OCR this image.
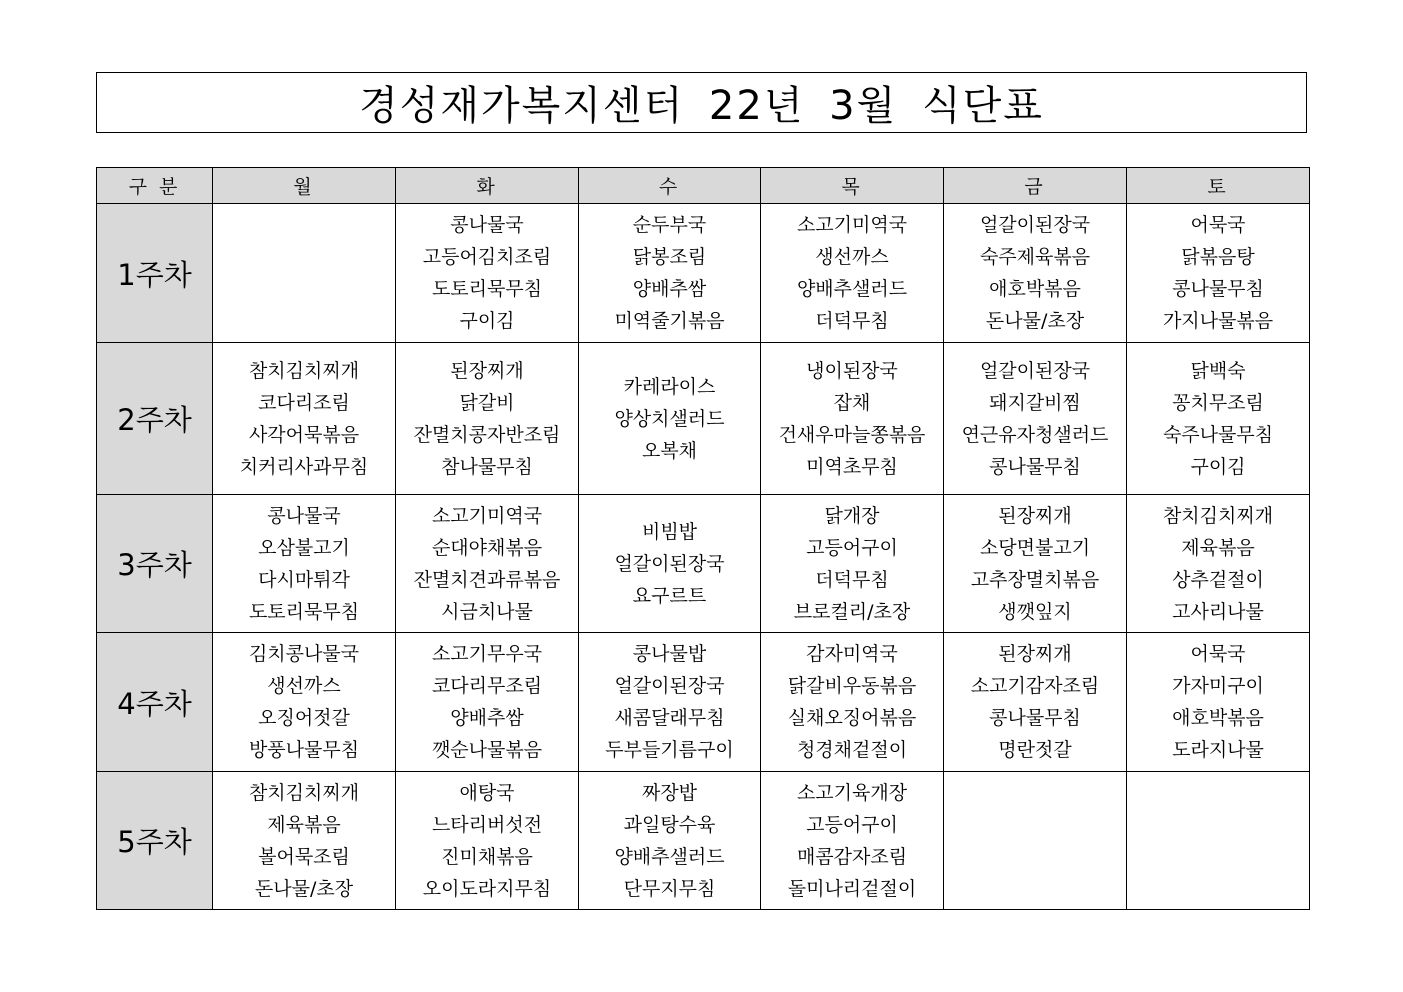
경성재가복지센터 22년 3월 식단표
구 분	월	화	수	목	금	토
1주차		콩나물국
고등어김치조림
도토리묵무침
구이김	순두부국
닭봉조림
양배추쌈
미역줄기볶음	소고기미역국
생선까스
양배추샐러드
더덕무침	얼갈이된장국
숙주제육볶음
애호박볶음
돈나물/초장	어묵국
닭볶음탕
콩나물무침
가지나물볶음

2주차	참치김치찌개
코다리조림
사각어묵볶음
치커리사과무침	된장찌개
닭갈비
잔멸치콩자반조림
참나물무침	카레라이스
양상치샐러드
오복채	냉이된장국
잡채
건새우마늘쫑볶음
미역초무침	얼갈이된장국
돼지갈비찜
연근유자청샐러드
콩나물무침	닭백숙
꽁치무조림
숙주나물무침
구이김

3주차	콩나물국
오삼불고기
다시마튀각
도토리묵무침	소고기미역국
순대야채볶음
잔멸치견과류볶음
시금치나물	비빔밥
얼갈이된장국
요구르트	닭개장
고등어구이
더덕무침
브로컬리/초장	된장찌개
소당면불고기
고추장멸치볶음
생깻잎지	참치김치찌개
제육볶음
상추겉절이
고사리나물

4주차	김치콩나물국
생선까스
오징어젓갈
방풍나물무침	소고기무우국
코다리무조림
양배추쌈
깻순나물볶음	콩나물밥
얼갈이된장국
새콤달래무침
두부들기름구이	감자미역국
닭갈비우동볶음
실채오징어볶음
청경채겉절이	된장찌개
소고기감자조림
콩나물무침
명란젓갈	어묵국
가자미구이
애호박볶음
도라지나물

5주차	참치김치찌개
제육볶음
볼어묵조림
돈나물/초장	애탕국
느타리버섯전
진미채볶음
오이도라지무침	짜장밥
과일탕수육
양배추샐러드
단무지무침	소고기육개장
고등어구이
매콤감자조림
돌미나리겉절이		
